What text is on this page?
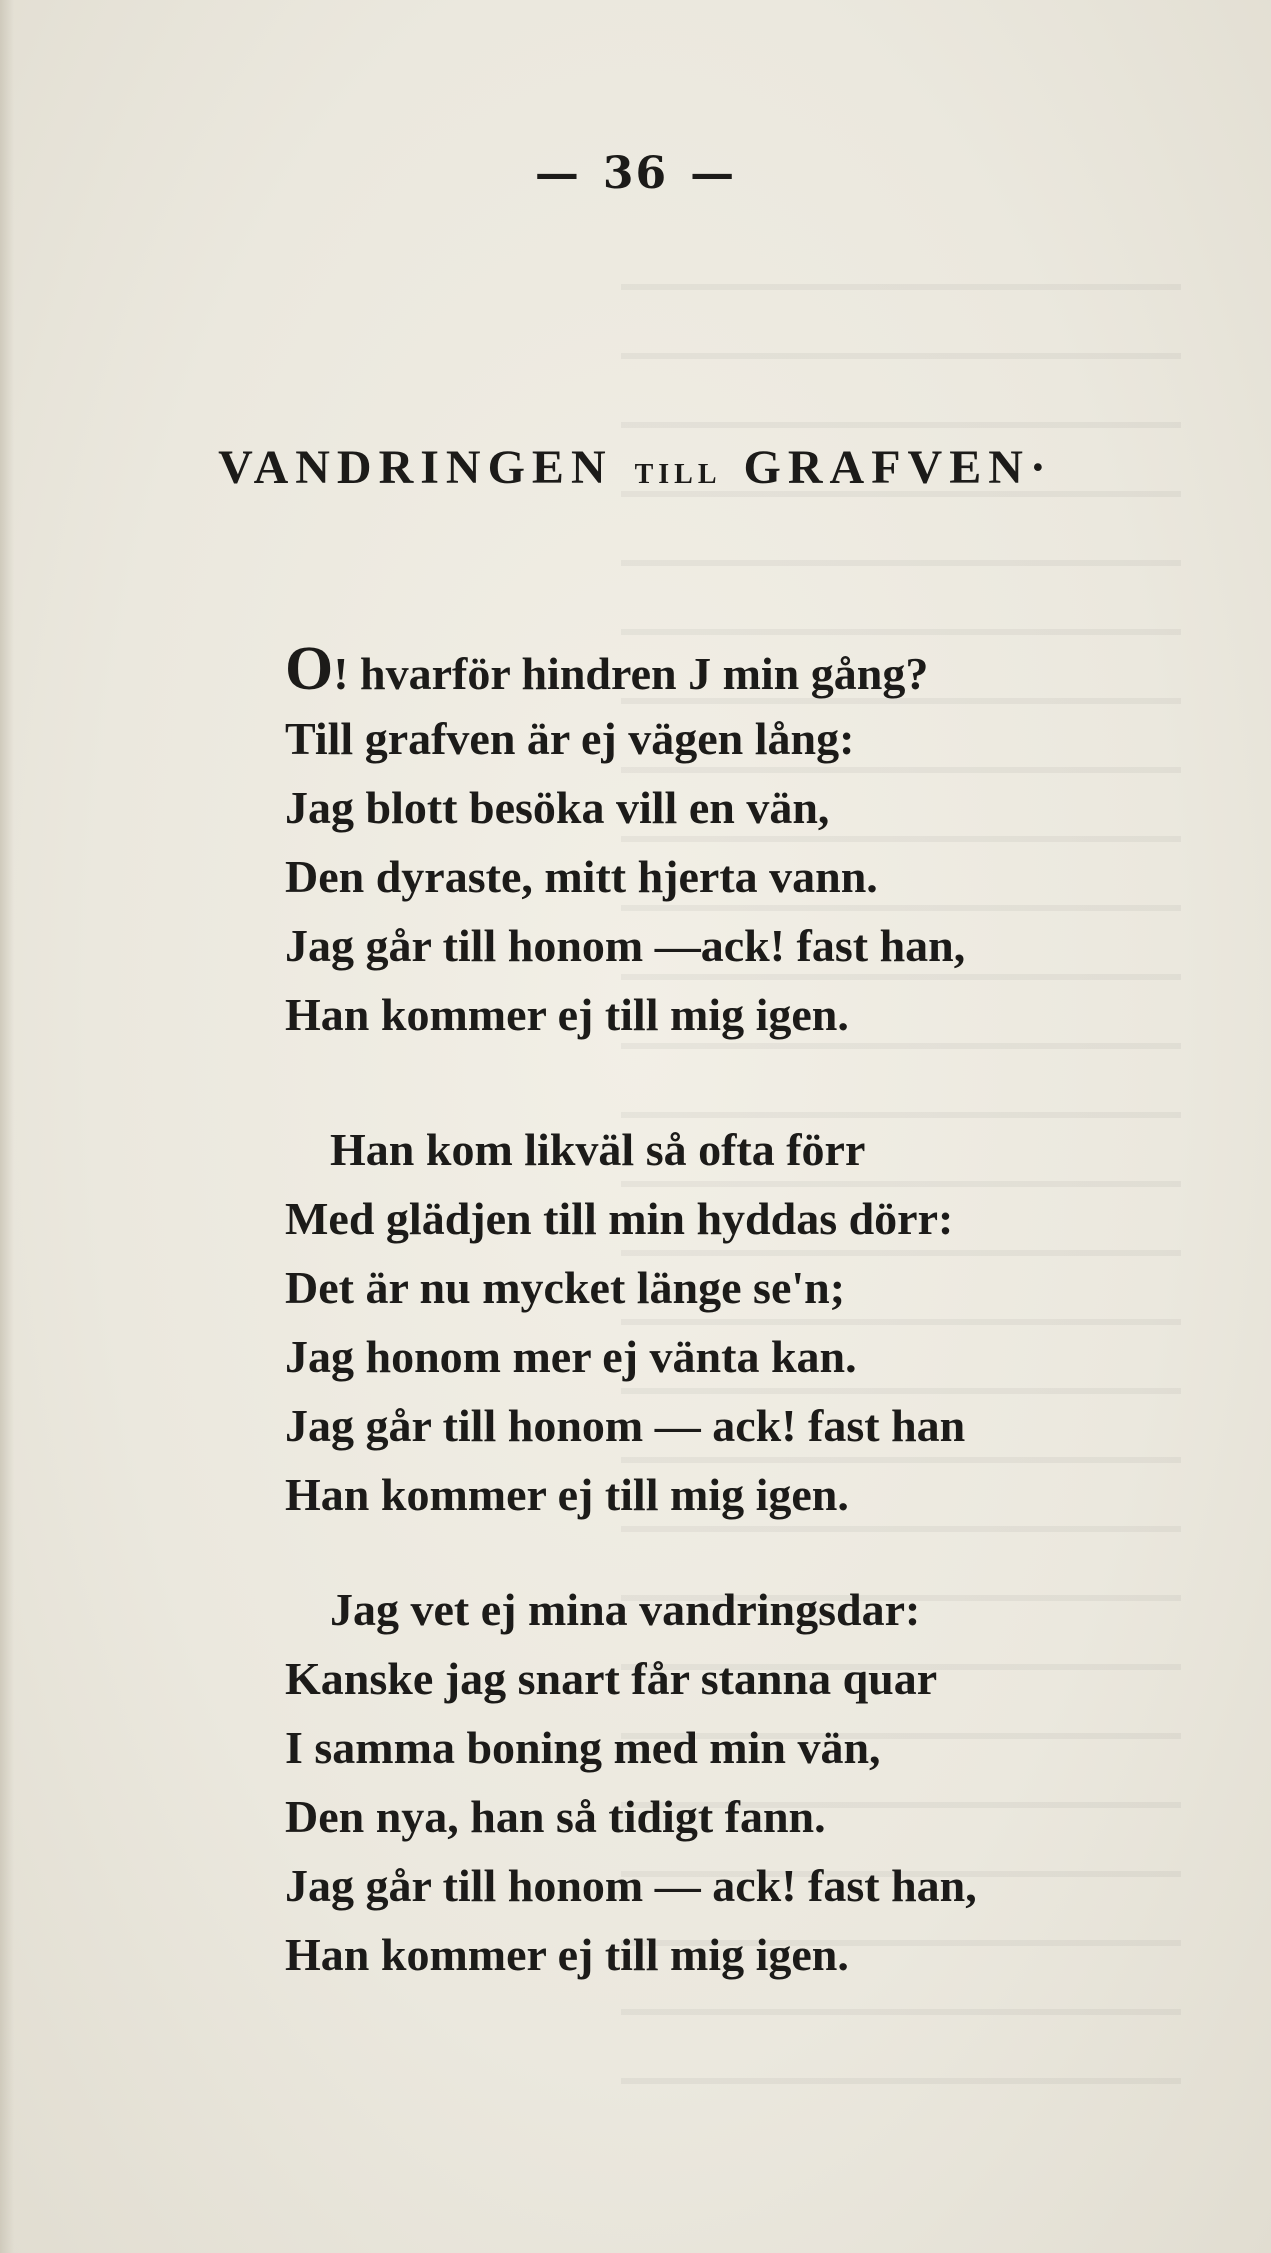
— 36 —
VANDRINGEN TILL GRAFVEN·
O! hvarför hindren J min gång?
Till grafven är ej vägen lång:
Jag blott besöka vill en vän,
Den dyraste, mitt hjerta vann.
Jag går till honom —ack! fast han,
Han kommer ej till mig igen.
Han kom likväl så ofta förr
Med glädjen till min hyddas dörr:
Det är nu mycket länge se'n;
Jag honom mer ej vänta kan.
Jag går till honom — ack! fast han
Han kommer ej till mig igen.
Jag vet ej mina vandringsdar:
Kanske jag snart får stanna quar
I samma boning med min vän,
Den nya, han så tidigt fann.
Jag går till honom — ack! fast han,
Han kommer ej till mig igen.
